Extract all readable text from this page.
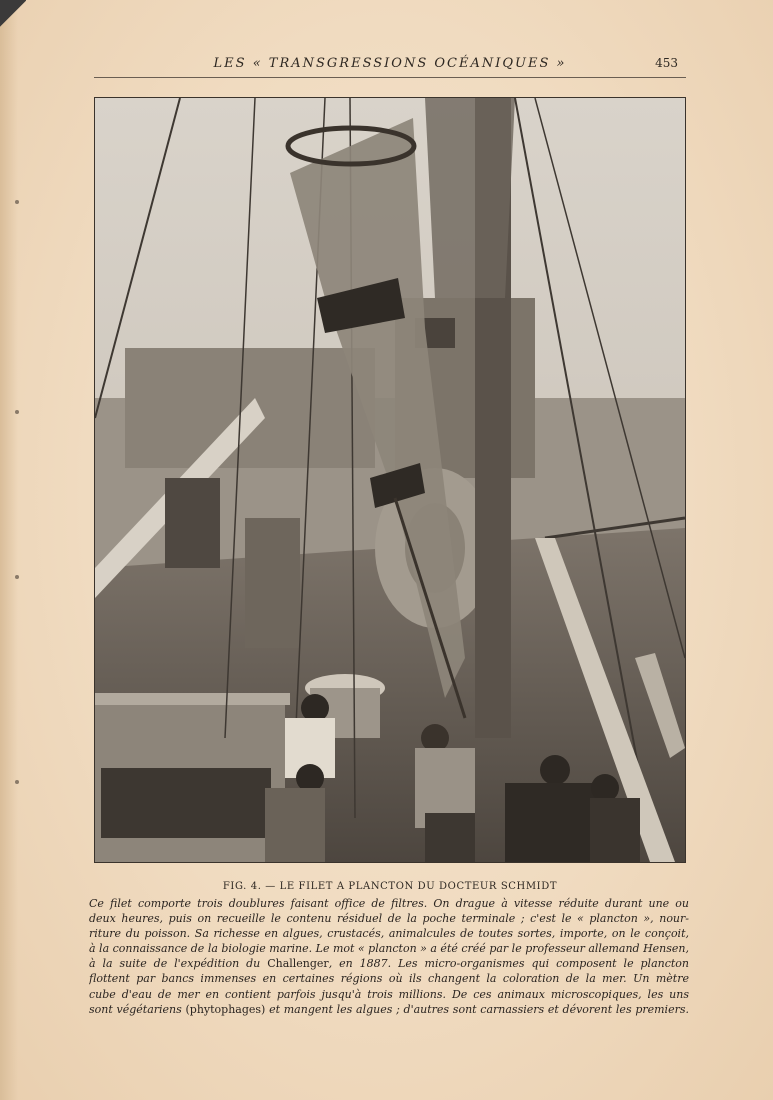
LES « TRANSGRESSIONS OCÉANIQUES »	453
FIG. 4. — LE FILET A PLANCTON DU DOCTEUR SCHMIDT
Ce filet comporte trois doublures faisant office de filtres. On drague à vitesse réduite durant une ou
deux heures, puis on recueille le contenu résiduel de la poche terminale ; c'est le « plancton », nour-
riture du poisson. Sa richesse en algues, crustacés, animalcules de toutes sortes, importe, on le conçoit,
à la connaissance de la biologie marine. Le mot « plancton » a été créé par le professeur allemand Hensen,
à la suite de l'expédition du Challenger, en 1887. Les micro-organismes qui composent le plancton
flottent par bancs immenses en certaines régions où ils changent la coloration de la mer. Un mètre
cube d'eau de mer en contient parfois jusqu'à trois millions. De ces animaux microscopiques, les uns
sont végétariens (phytophages) et mangent les algues ; d'autres sont carnassiers et dévorent les premiers.
